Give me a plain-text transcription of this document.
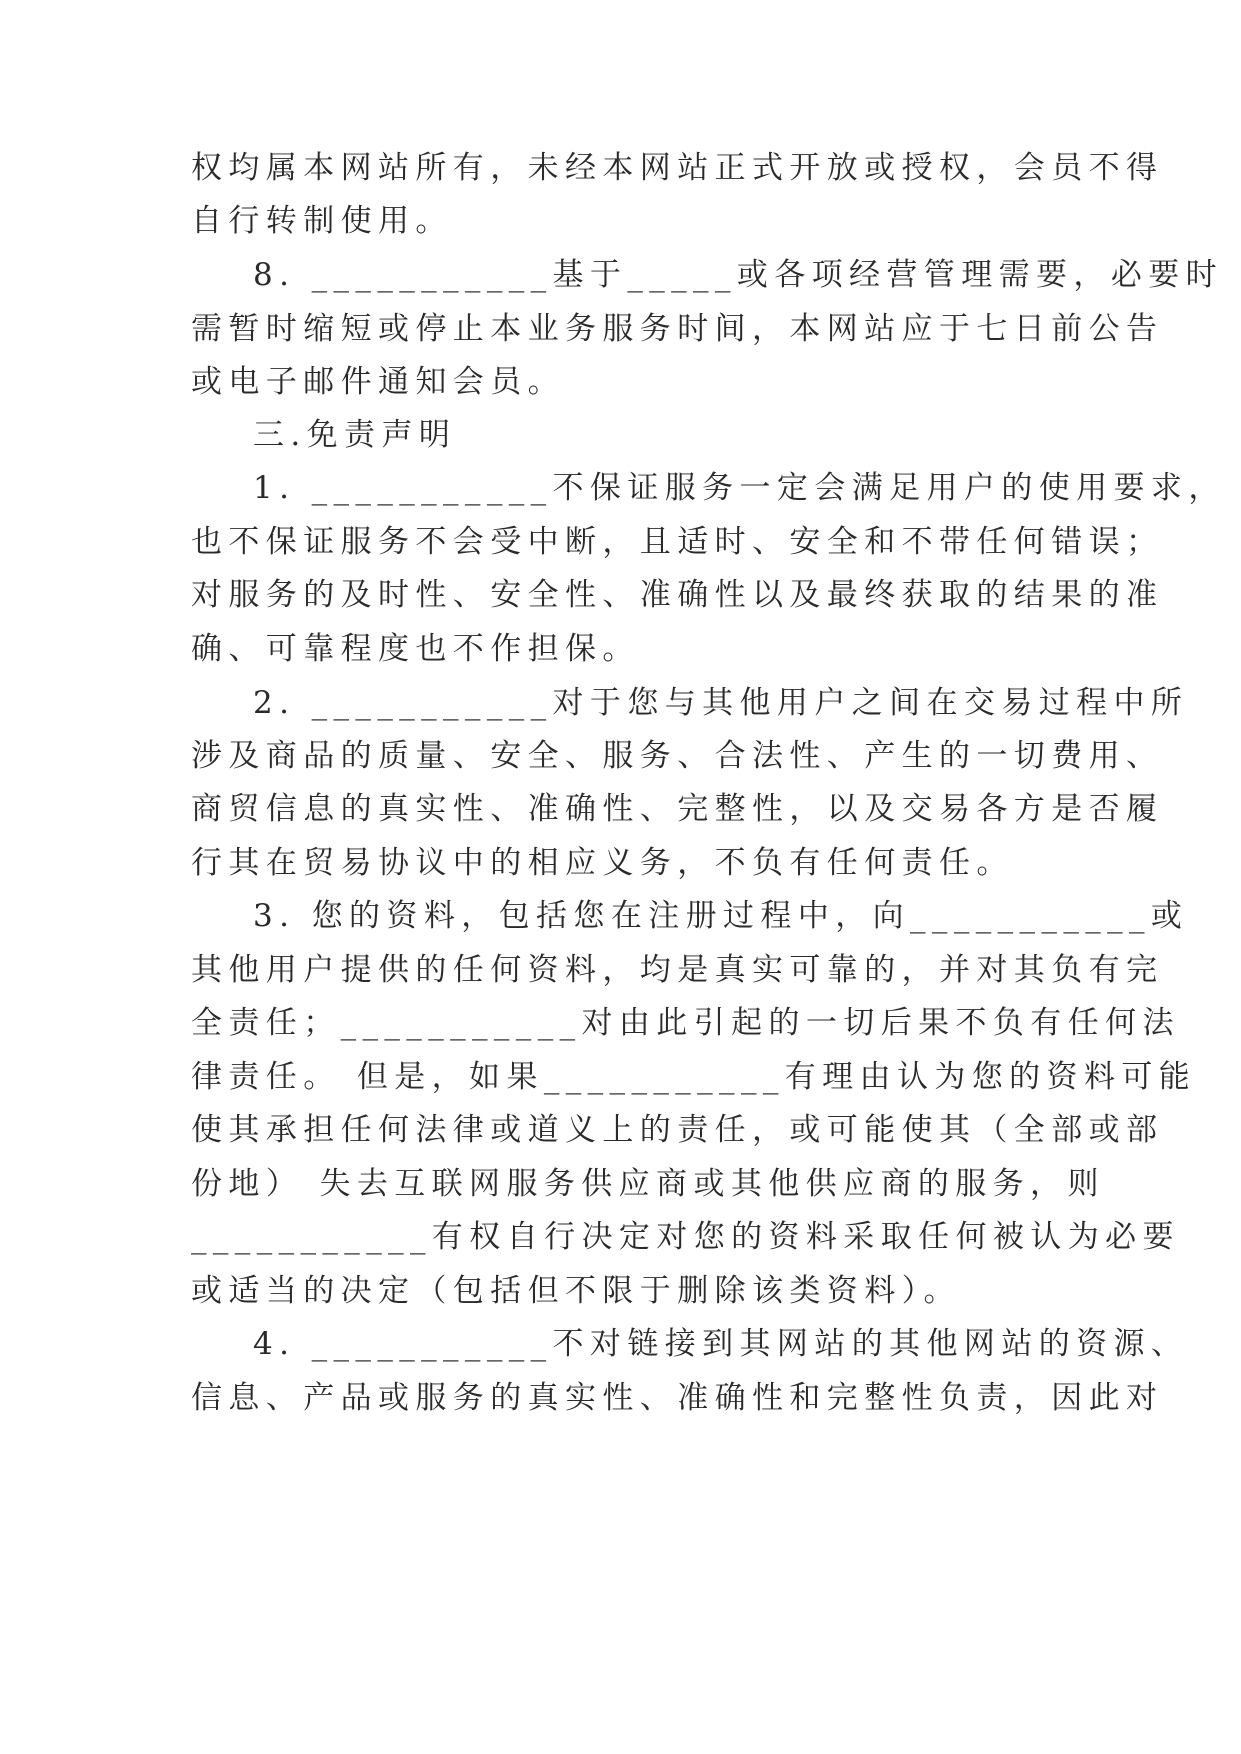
权均属本网站所有，未经本网站正式开放或授权，会员不得
自行转制使用。
8. ___________基于_____或各项经营管理需要，必要时
需暂时缩短或停止本业务服务时间，本网站应于七日前公告
或电子邮件通知会员。
三.免责声明
1. ___________不保证服务一定会满足用户的使用要求，
也不保证服务不会受中断，且适时、安全和不带任何错误；
对服务的及时性、安全性、准确性以及最终获取的结果的准
确、可靠程度也不作担保。
2. ___________对于您与其他用户之间在交易过程中所
涉及商品的质量、安全、服务、合法性、产生的一切费用、
商贸信息的真实性、准确性、完整性，以及交易各方是否履
行其在贸易协议中的相应义务，不负有任何责任。
3. 您的资料，包括您在注册过程中，向___________或
其他用户提供的任何资料，均是真实可靠的，并对其负有完
全责任；___________对由此引起的一切后果不负有任何法
律责任。 但是，如果___________有理由认为您的资料可能
使其承担任何法律或道义上的责任，或可能使其（全部或部
份地） 失去互联网服务供应商或其他供应商的服务，则
___________有权自行决定对您的资料采取任何被认为必要
或适当的决定（包括但不限于删除该类资料）。
4. ___________不对链接到其网站的其他网站的资源、
信息、产品或服务的真实性、准确性和完整性负责，因此对
